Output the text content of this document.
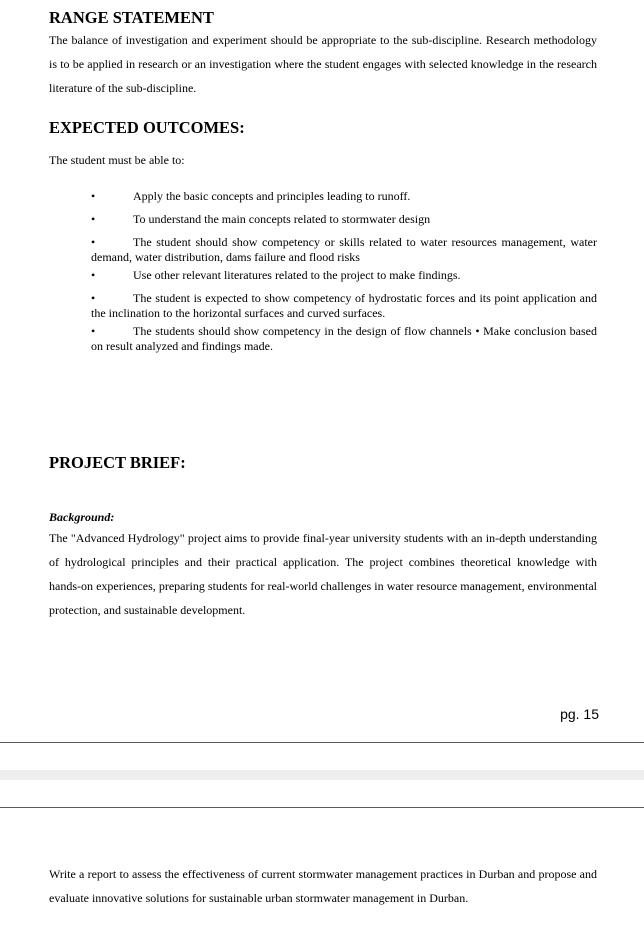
RANGE STATEMENT

The balance of investigation and experiment should be appropriate to the sub-discipline. Research methodology is to be applied in research or an investigation where the student engages with selected knowledge in the research literature of the sub-discipline.

EXPECTED OUTCOMES:

The student must be able to:

•	Apply the basic concepts and principles leading to runoff.
•	To understand the main concepts related to stormwater design
•	The student should show competency or skills related to water resources management, water demand, water distribution, dams failure and flood risks
•	Use other relevant literatures related to the project to make findings.
•	The student is expected to show competency of hydrostatic forces and its point application and the inclination to the horizontal surfaces and curved surfaces.
•	The students should show competency in the design of flow channels • Make conclusion based on result analyzed and findings made.
PROJECT BRIEF:
Background:

The "Advanced Hydrology" project aims to provide final-year university students with an in-depth understanding of hydrological principles and their practical application. The project combines theoretical knowledge with hands-on experiences, preparing students for real-world challenges in water resource management, environmental protection, and sustainable development.

pg. 15

Write a report to assess the effectiveness of current stormwater management practices in Durban and propose and evaluate innovative solutions for sustainable urban stormwater management in Durban.
